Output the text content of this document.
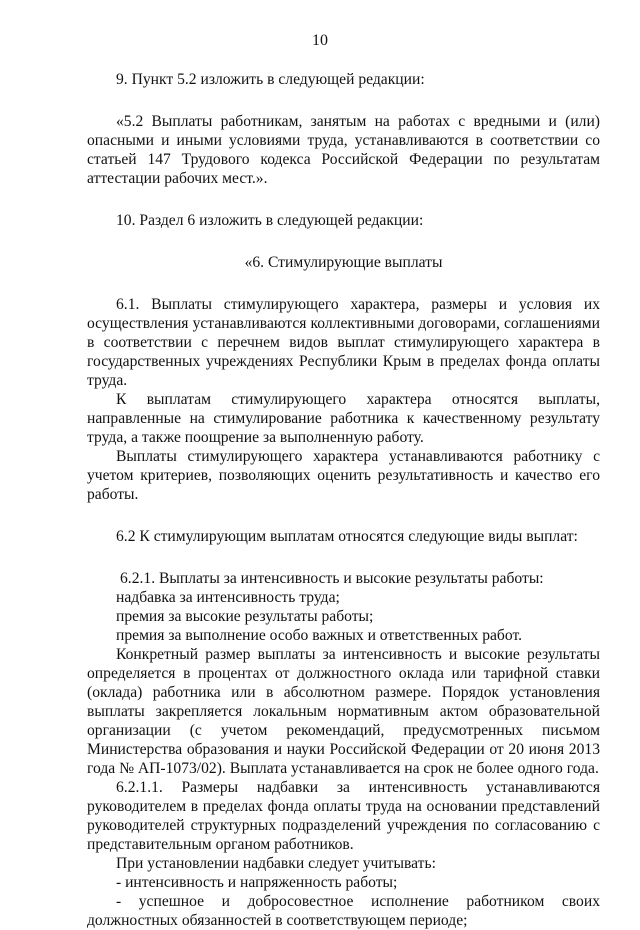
10

9. Пункт 5.2 изложить в следующей редакции:

«5.2 Выплаты работникам, занятым на работах с вредными и (или) опасными и иными условиями труда, устанавливаются в соответствии со статьей 147 Трудового кодекса Российской Федерации по результатам аттестации рабочих мест.».

10. Раздел 6 изложить в следующей редакции:

«6. Стимулирующие выплаты

6.1. Выплаты стимулирующего характера, размеры и условия их осуществления устанавливаются коллективными договорами, соглашениями в соответствии с перечнем видов выплат стимулирующего характера в государственных учреждениях Республики Крым в пределах фонда оплаты труда.

К выплатам стимулирующего характера относятся выплаты, направленные на стимулирование работника к качественному результату труда, а также поощрение за выполненную работу.

Выплаты стимулирующего характера устанавливаются работнику с учетом критериев, позволяющих оценить результативность и качество его работы.

6.2 К стимулирующим выплатам относятся следующие виды выплат:

6.2.1. Выплаты за интенсивность и высокие результаты работы:

надбавка за интенсивность труда;

премия за высокие результаты работы;

премия за выполнение особо важных и ответственных работ.

Конкретный размер выплаты за интенсивность и высокие результаты определяется в процентах от должностного оклада или тарифной ставки (оклада) работника или в абсолютном размере. Порядок установления выплаты закрепляется локальным нормативным актом образовательной организации (с учетом рекомендаций, предусмотренных письмом Министерства образования и науки Российской Федерации от 20 июня 2013 года № АП-1073/02). Выплата устанавливается на срок не более одного года.

6.2.1.1. Размеры надбавки за интенсивность устанавливаются руководителем в пределах фонда оплаты труда на основании представлений руководителей структурных подразделений учреждения по согласованию с представительным органом работников.

При установлении надбавки следует учитывать:

- интенсивность и напряженность работы;

- успешное и добросовестное исполнение работником своих должностных обязанностей в соответствующем периоде;
